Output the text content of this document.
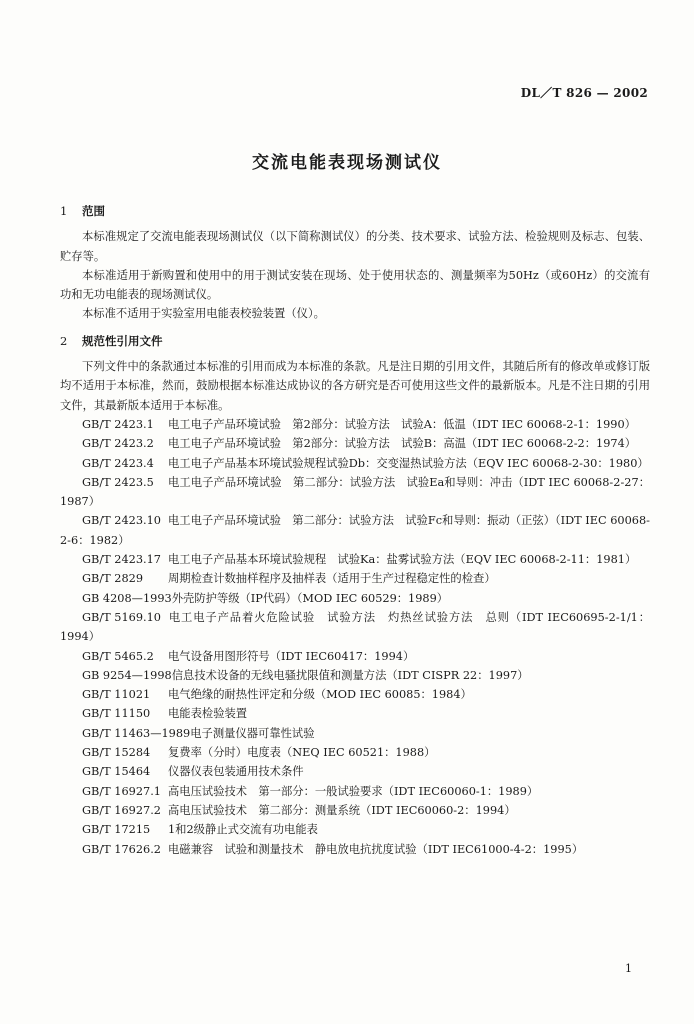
DL／T 826 — 2002
交流电能表现场测试仪

1 范围

本标准规定了交流电能表现场测试仪（以下简称测试仪）的分类、技术要求、试验方法、检验规则及标志、包装、贮存等。

本标准适用于新购置和使用中的用于测试安装在现场、处于使用状态的、测量频率为50Hz（或60Hz）的交流有功和无功电能表的现场测试仪。

本标准不适用于实验室用电能表校验装置（仪）。

2 规范性引用文件

下列文件中的条款通过本标准的引用而成为本标准的条款。凡是注日期的引用文件，其随后所有的修改单或修订版均不适用于本标准，然而，鼓励根据本标准达成协议的各方研究是否可使用这些文件的最新版本。凡是不注日期的引用文件，其最新版本适用于本标准。

GB/T 2423.1 电工电子产品环境试验　第2部分：试验方法　试验A：低温（IDT IEC 60068-2-1：1990）

GB/T 2423.2 电工电子产品环境试验　第2部分：试验方法　试验B：高温（IDT IEC 60068-2-2：1974）

GB/T 2423.4 电工电子产品基本环境试验规程试验Db：交变湿热试验方法（EQV IEC 60068-2-30：1980）

GB/T 2423.5 电工电子产品环境试验　第二部分：试验方法　试验Ea和导则：冲击（IDT IEC 60068-2-27：1987）

GB/T 2423.10 电工电子产品环境试验　第二部分：试验方法　试验Fc和导则：振动（正弦）（IDT IEC 60068-2-6：1982）

GB/T 2423.17 电工电子产品基本环境试验规程　试验Ka：盐雾试验方法（EQV IEC 60068-2-11：1981）

GB/T 2829 周期检查计数抽样程序及抽样表（适用于生产过程稳定性的检查）

GB 4208—1993外壳防护等级（IP代码）（MOD IEC 60529：1989）

GB/T 5169.10 电工电子产品着火危险试验　试验方法　灼热丝试验方法　总则（IDT IEC60695-2-1/1：1994）

GB/T 5465.2 电气设备用图形符号（IDT IEC60417：1994）

GB 9254—1998信息技术设备的无线电骚扰限值和测量方法（IDT CISPR 22：1997）

GB/T 11021 电气绝缘的耐热性评定和分级（MOD IEC 60085：1984）

GB/T 11150 电能表检验装置

GB/T 11463—1989电子测量仪器可靠性试验

GB/T 15284 复费率（分时）电度表（NEQ IEC 60521：1988）

GB/T 15464 仪器仪表包装通用技术条件

GB/T 16927.1 高电压试验技术　第一部分：一般试验要求（IDT IEC60060-1：1989）

GB/T 16927.2 高电压试验技术　第二部分：测量系统（IDT IEC60060-2：1994）

GB/T 17215 1和2级静止式交流有功电能表

GB/T 17626.2 电磁兼容　试验和测量技术　静电放电抗扰度试验（IDT IEC61000-4-2：1995）

1
